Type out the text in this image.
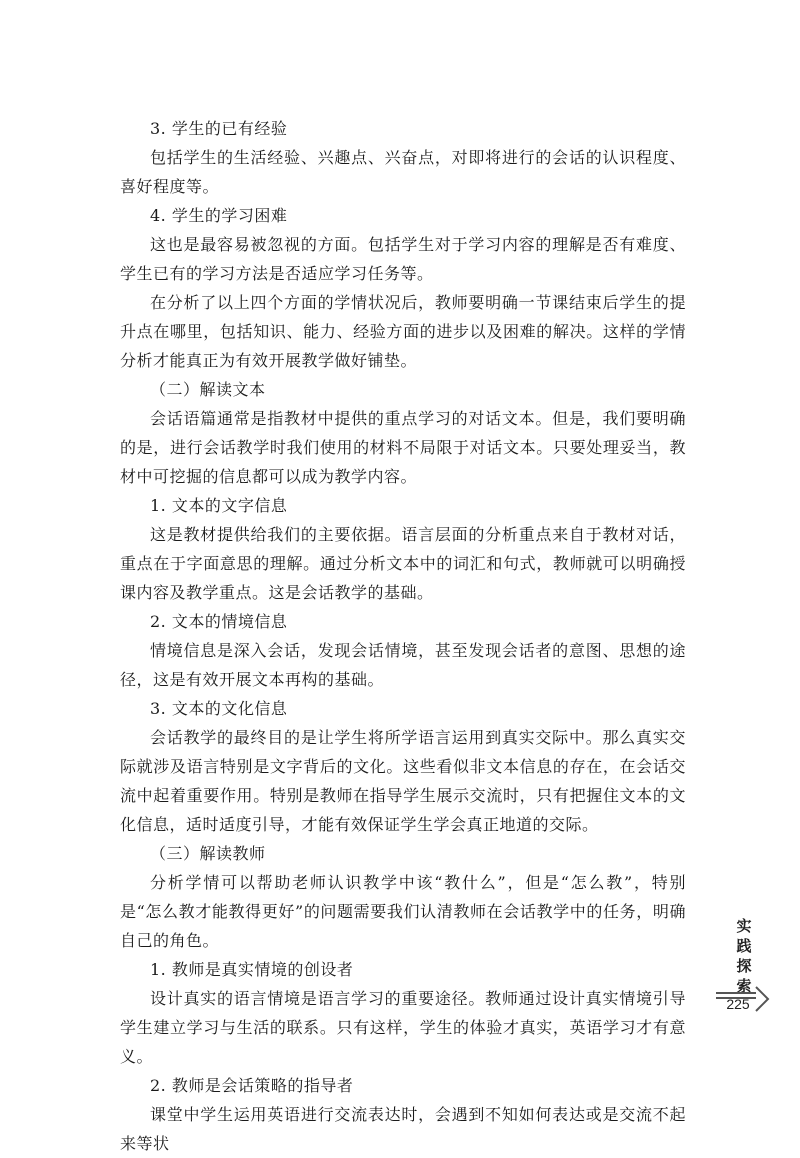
3. 学生的已有经验

包括学生的生活经验、兴趣点、兴奋点，对即将进行的会话的认识程度、喜好程度等。

4. 学生的学习困难

这也是最容易被忽视的方面。包括学生对于学习内容的理解是否有难度、学生已有的学习方法是否适应学习任务等。

在分析了以上四个方面的学情状况后，教师要明确一节课结束后学生的提升点在哪里，包括知识、能力、经验方面的进步以及困难的解决。这样的学情分析才能真正为有效开展教学做好铺垫。

（二）解读文本

会话语篇通常是指教材中提供的重点学习的对话文本。但是，我们要明确的是，进行会话教学时我们使用的材料不局限于对话文本。只要处理妥当，教材中可挖掘的信息都可以成为教学内容。

1. 文本的文字信息

这是教材提供给我们的主要依据。语言层面的分析重点来自于教材对话，重点在于字面意思的理解。通过分析文本中的词汇和句式，教师就可以明确授课内容及教学重点。这是会话教学的基础。

2. 文本的情境信息

情境信息是深入会话，发现会话情境，甚至发现会话者的意图、思想的途径，这是有效开展文本再构的基础。

3. 文本的文化信息

会话教学的最终目的是让学生将所学语言运用到真实交际中。那么真实交际就涉及语言特别是文字背后的文化。这些看似非文本信息的存在，在会话交流中起着重要作用。特别是教师在指导学生展示交流时，只有把握住文本的文化信息，适时适度引导，才能有效保证学生学会真正地道的交际。

（三）解读教师

分析学情可以帮助老师认识教学中该“教什么”，但是“怎么教”，特别是“怎么教才能教得更好”的问题需要我们认清教师在会话教学中的任务，明确自己的角色。

1. 教师是真实情境的创设者

设计真实的语言情境是语言学习的重要途径。教师通过设计真实情境引导学生建立学习与生活的联系。只有这样，学生的体验才真实，英语学习才有意义。

2. 教师是会话策略的指导者

课堂中学生运用英语进行交流表达时，会遇到不知如何表达或是交流不起来等状

实
践
探
索
225
